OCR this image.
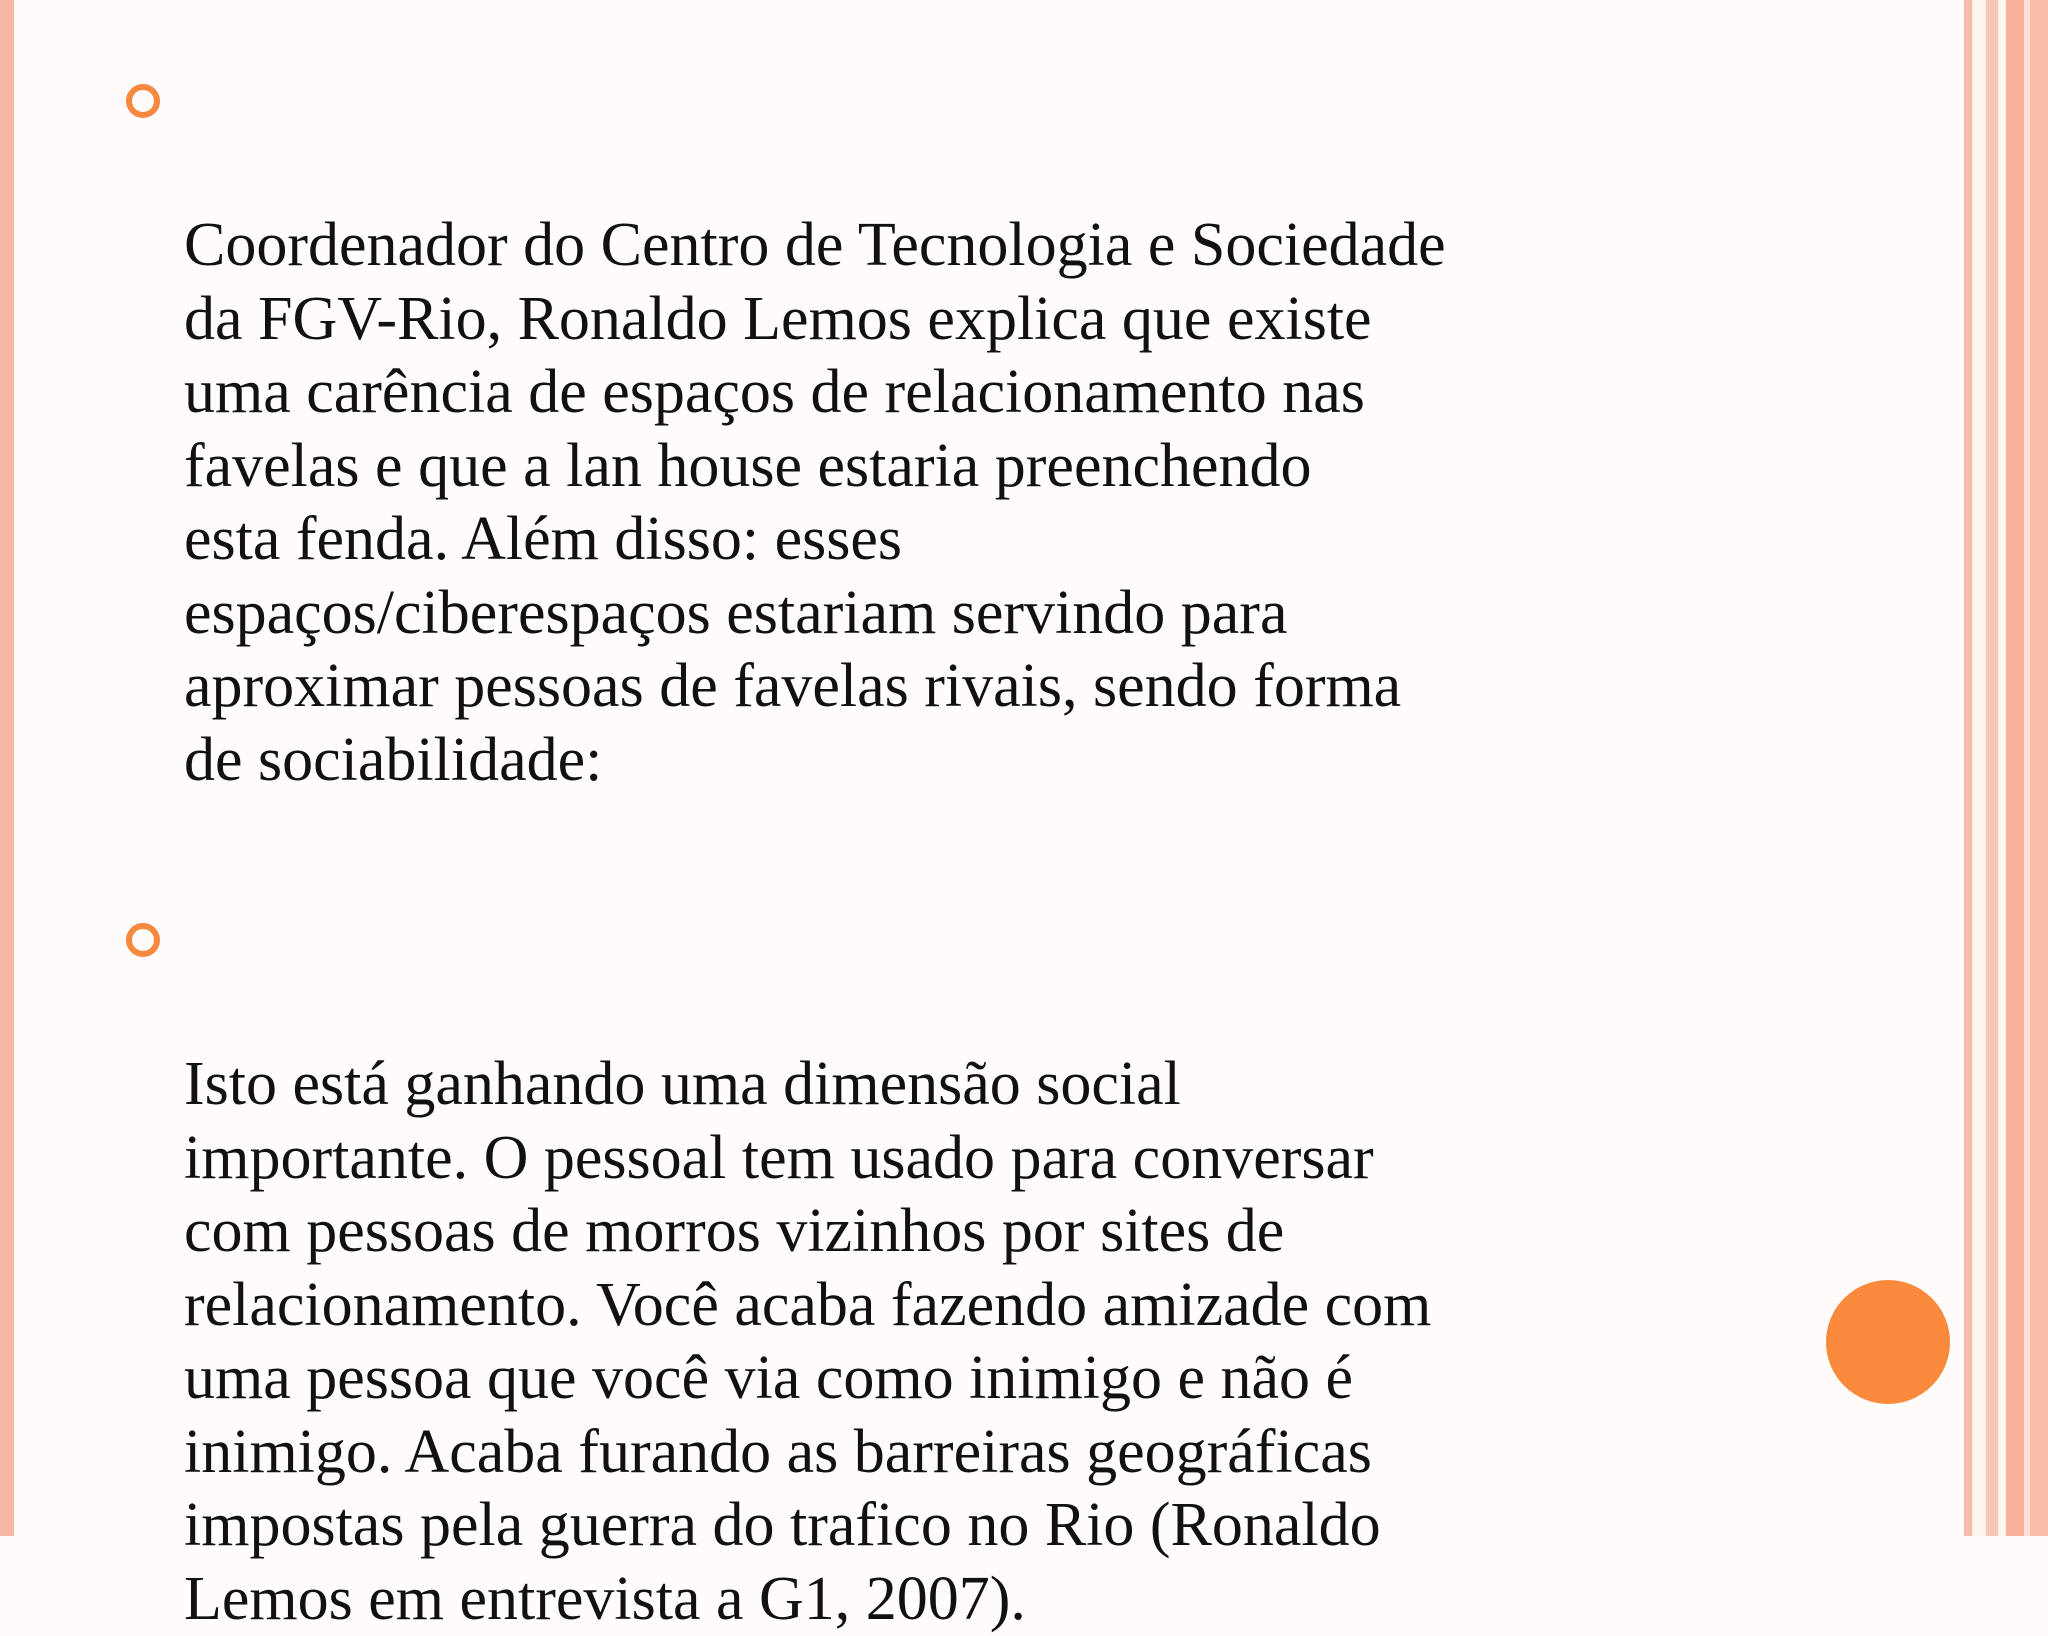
Coordenador do Centro de Tecnologia e Sociedade
da FGV-Rio, Ronaldo Lemos explica que existe
uma carência de espaços de relacionamento nas
favelas e que a lan house estaria preenchendo
esta fenda. Além disso: esses
espaços/ciberespaços estariam servindo para
aproximar pessoas de favelas rivais, sendo forma
de sociabilidade:

Isto está ganhando uma dimensão social
importante. O pessoal tem usado para conversar
com pessoas de morros vizinhos por sites de
relacionamento. Você acaba fazendo amizade com
uma pessoa que você via como inimigo e não é
inimigo. Acaba furando as barreiras geográficas
impostas pela guerra do trafico no Rio (Ronaldo
Lemos em entrevista a G1, 2007).
